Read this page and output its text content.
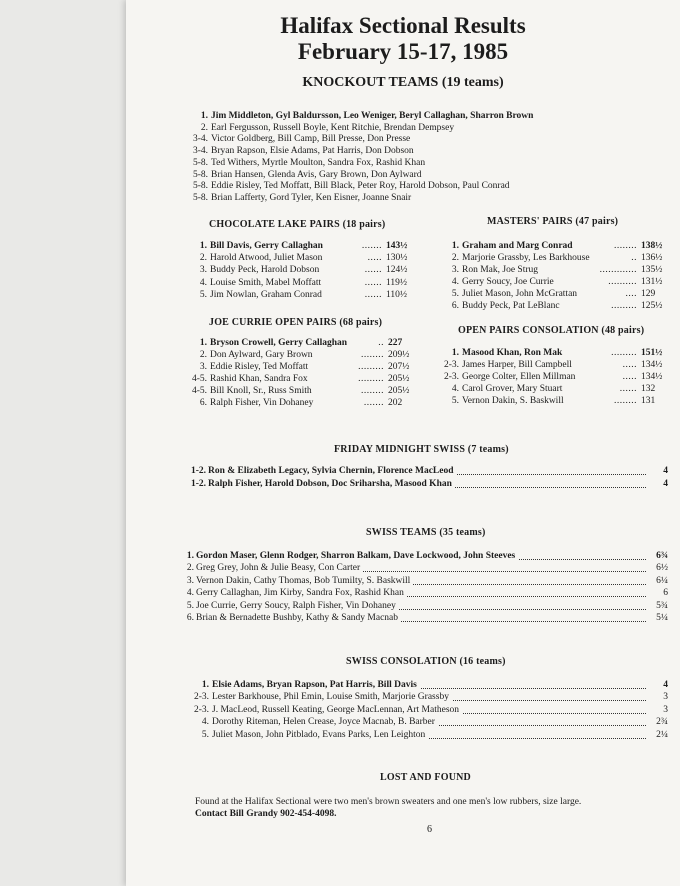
Halifax Sectional Results
February 15-17, 1985
KNOCKOUT TEAMS (19 teams)
1. Jim Middleton, Gyl Baldursson, Leo Weniger, Beryl Callaghan, Sharron Brown
2. Earl Fergusson, Russell Boyle, Kent Ritchie, Brendan Dempsey
3-4. Victor Goldberg, Bill Camp, Bill Presse, Don Presse
3-4. Bryan Rapson, Elsie Adams, Pat Harris, Don Dobson
5-8. Ted Withers, Myrtle Moulton, Sandra Fox, Rashid Khan
5-8. Brian Hansen, Glenda Avis, Gary Brown, Don Aylward
5-8. Eddie Risley, Ted Moffatt, Bill Black, Peter Roy, Harold Dobson, Paul Conrad
5-8. Brian Lafferty, Gord Tyler, Ken Eisner, Joanne Snair
CHOCOLATE LAKE PAIRS (18 pairs)
1. Bill Davis, Gerry Callaghan	....... 143½
2. Harold Atwood, Juliet Mason	..... 130½
3. Buddy Peck, Harold Dobson	...... 124½
4. Louise Smith, Mabel Moffatt	...... 119½
5. Jim Nowlan, Graham Conrad	...... 110½
MASTERS' PAIRS (47 pairs)
1. Graham and Marg Conrad	........ 138½
2. Marjorie Grassby, Les Barkhouse	.. 136½
3. Ron Mak, Joe Strug	............. 135½
4. Gerry Soucy, Joe Currie	.......... 131½
5. Juliet Mason, John McGrattan	.... 129
6. Buddy Peck, Pat LeBlanc	......... 125½
JOE CURRIE OPEN PAIRS (68 pairs)
1. Bryson Crowell, Gerry Callaghan	.. 227
2. Don Aylward, Gary Brown	........ 209½
3. Eddie Risley, Ted Moffatt	......... 207½
4-5. Rashid Khan, Sandra Fox	......... 205½
4-5. Bill Knoll, Sr., Russ Smith	........ 205½
6. Ralph Fisher, Vin Dohaney	....... 202
OPEN PAIRS CONSOLATION (48 pairs)
1. Masood Khan, Ron Mak	......... 151½
2-3. James Harper, Bill Campbell	..... 134½
2-3. George Colter, Ellen Millman	..... 134½
4. Carol Grover, Mary Stuart	...... 132
5. Vernon Dakin, S. Baskwill	........ 131
FRIDAY MIDNIGHT SWISS (7 teams)
1-2. Ron & Elizabeth Legacy, Sylvia Chernin, Florence MacLeod	4
1-2. Ralph Fisher, Harold Dobson, Doc Sriharsha, Masood Khan	4
SWISS TEAMS (35 teams)
1. Gordon Maser, Glenn Rodger, Sharron Balkam, Dave Lockwood, John Steeves	6¾
2. Greg Grey, John & Julie Beasy, Con Carter	6½
3. Vernon Dakin, Cathy Thomas, Bob Tumilty, S. Baskwill	6¼
4. Gerry Callaghan, Jim Kirby, Sandra Fox, Rashid Khan	6
5. Joe Currie, Gerry Soucy, Ralph Fisher, Vin Dohaney	5¾
6. Brian & Bernadette Bushby, Kathy & Sandy Macnab	5¼
SWISS CONSOLATION (16 teams)
1. Elsie Adams, Bryan Rapson, Pat Harris, Bill Davis	4
2-3. Lester Barkhouse, Phil Emin, Louise Smith, Marjorie Grassby	3
2-3. J. MacLeod, Russell Keating, George MacLennan, Art Matheson	3
4. Dorothy Riteman, Helen Crease, Joyce Macnab, B. Barber	2¾
5. Juliet Mason, John Pitblado, Evans Parks, Len Leighton	2¼
LOST AND FOUND
Found at the Halifax Sectional were two men's brown sweaters and one men's low rubbers, size large.
Contact Bill Grandy 902-454-4098.
6
